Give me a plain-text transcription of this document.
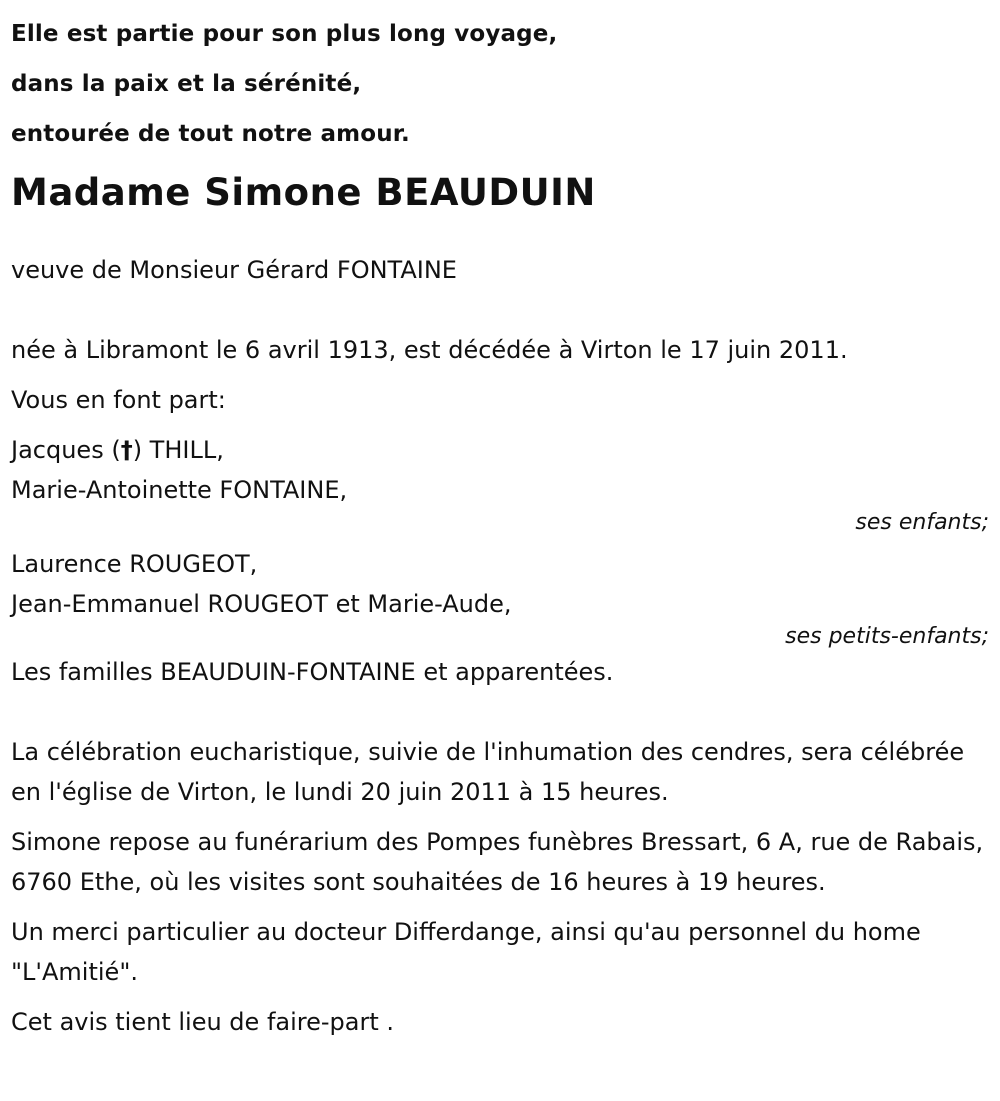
Elle est partie pour son plus long voyage,
dans la paix et la sérénité,
entourée de tout notre amour.
Madame Simone BEAUDUIN
veuve de Monsieur Gérard FONTAINE
née à Libramont le 6 avril 1913, est décédée à Virton le 17 juin 2011.
Vous en font part:
Jacques (†) THILL,
Marie-Antoinette FONTAINE,
ses enfants;
Laurence ROUGEOT,
Jean-Emmanuel ROUGEOT et Marie-Aude,
ses petits-enfants;
Les familles BEAUDUIN-FONTAINE et apparentées.
La célébration eucharistique, suivie de l'inhumation des cendres, sera célébrée en l'église de Virton, le lundi 20 juin 2011 à 15 heures.
Simone repose au funérarium des Pompes funèbres Bressart, 6 A, rue de Rabais, 6760 Ethe, où les visites sont souhaitées de 16 heures à 19 heures.
Un merci particulier au docteur Differdange, ainsi qu'au personnel du home "L'Amitié".
Cet avis tient lieu de faire-part .
